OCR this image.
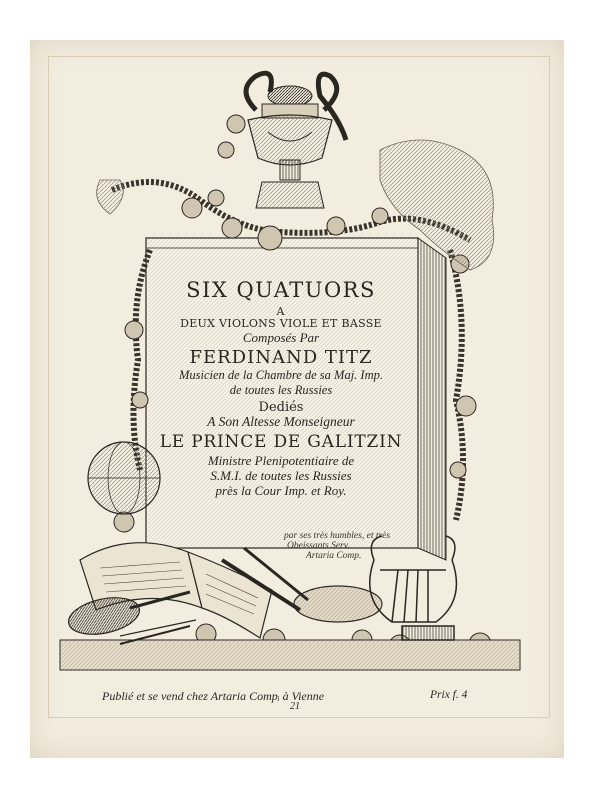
SIX QUATUORS
A
DEUX VIOLONS VIOLE ET BASSE
Composés Par
FERDINAND TITZ
Musicien de la Chambre de sa Maj. Imp.
de toutes les Russies
Dediés
A Son Altesse Monseigneur
LE PRINCE DE GALITZIN
Ministre Plenipotentiaire de
S.M.I. de toutes les Russies
près la Cour Imp. et Roy.
par ses très humbles, et très
Obeissants Serv.
Artaria Comp.
Publié et se vend chez Artaria Compᵢ à Vienne	Prix f. 4
21
